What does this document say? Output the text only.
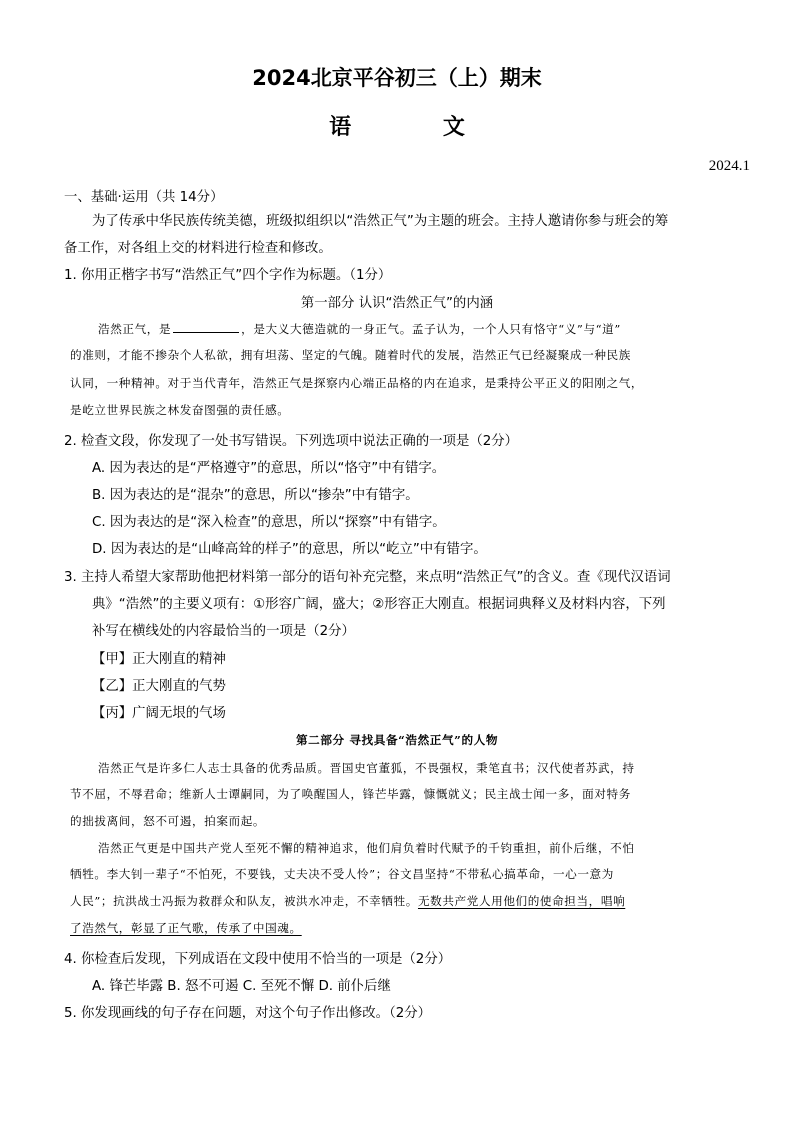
2024北京平谷初三（上）期末
语 文
2024.1
一、基础·运用（共 14分）
为了传承中华民族传统美德，班级拟组织以“浩然正气”为主题的班会。主持人邀请你参与班会的筹
备工作，对各组上交的材料进行检查和修改。
1. 你用正楷字书写“浩然正气”四个字作为标题。（1分）
第一部分 认识“浩然正气”的内涵
浩然正气，是	，是大义大德造就的一身正气。孟子认为，一个人只有恪守“义”与“道”
的准则，才能不掺杂个人私欲，拥有坦荡、坚定的气魄。随着时代的发展，浩然正气已经凝聚成一种民族
认同，一种精神。对于当代青年，浩然正气是探察内心端正品格的内在追求，是秉持公平正义的阳刚之气，
是屹立世界民族之林发奋图强的责任感。
2. 检查文段，你发现了一处书写错误。下列选项中说法正确的一项是（2分）
A. 因为表达的是“严格遵守”的意思，所以“恪守”中有错字。
B. 因为表达的是“混杂”的意思，所以“掺杂”中有错字。
C. 因为表达的是“深入检查”的意思，所以“探察”中有错字。
D. 因为表达的是“山峰高耸的样子”的意思，所以“屹立”中有错字。
3. 主持人希望大家帮助他把材料第一部分的语句补充完整，来点明“浩然正气”的含义。查《现代汉语词
典》“浩然”的主要义项有：①形容广阔，盛大；②形容正大刚直。根据词典释义及材料内容，下列
补写在横线处的内容最恰当的一项是（2分）
【甲】正大刚直的精神
【乙】正大刚直的气势
【丙】广阔无垠的气场
第二部分 寻找具备“浩然正气”的人物
浩然正气是许多仁人志士具备的优秀品质。晋国史官董狐，不畏强权，秉笔直书；汉代使者苏武，持
节不屈，不辱君命；维新人士谭嗣同，为了唤醒国人，锋芒毕露，慷慨就义；民主战士闻一多，面对特务
的拙拔离间，怒不可遏，拍案而起。
浩然正气更是中国共产党人至死不懈的精神追求，他们肩负着时代赋予的千钧重担，前仆后继，不怕
牺牲。李大钊一辈子“不怕死，不要钱，丈夫决不受人怜”；谷文昌坚持“不带私心搞革命，一心一意为
人民”；抗洪战士冯振为救群众和队友，被洪水冲走，不幸牺牲。无数共产党人用他们的使命担当，唱响
了浩然气，彰显了正气歌，传承了中国魂。
4. 你检查后发现，下列成语在文段中使用不恰当的一项是（2分）
A. 锋芒毕露 B. 怒不可遏 C. 至死不懈 D. 前仆后继
5. 你发现画线的句子存在问题，对这个句子作出修改。（2分）
